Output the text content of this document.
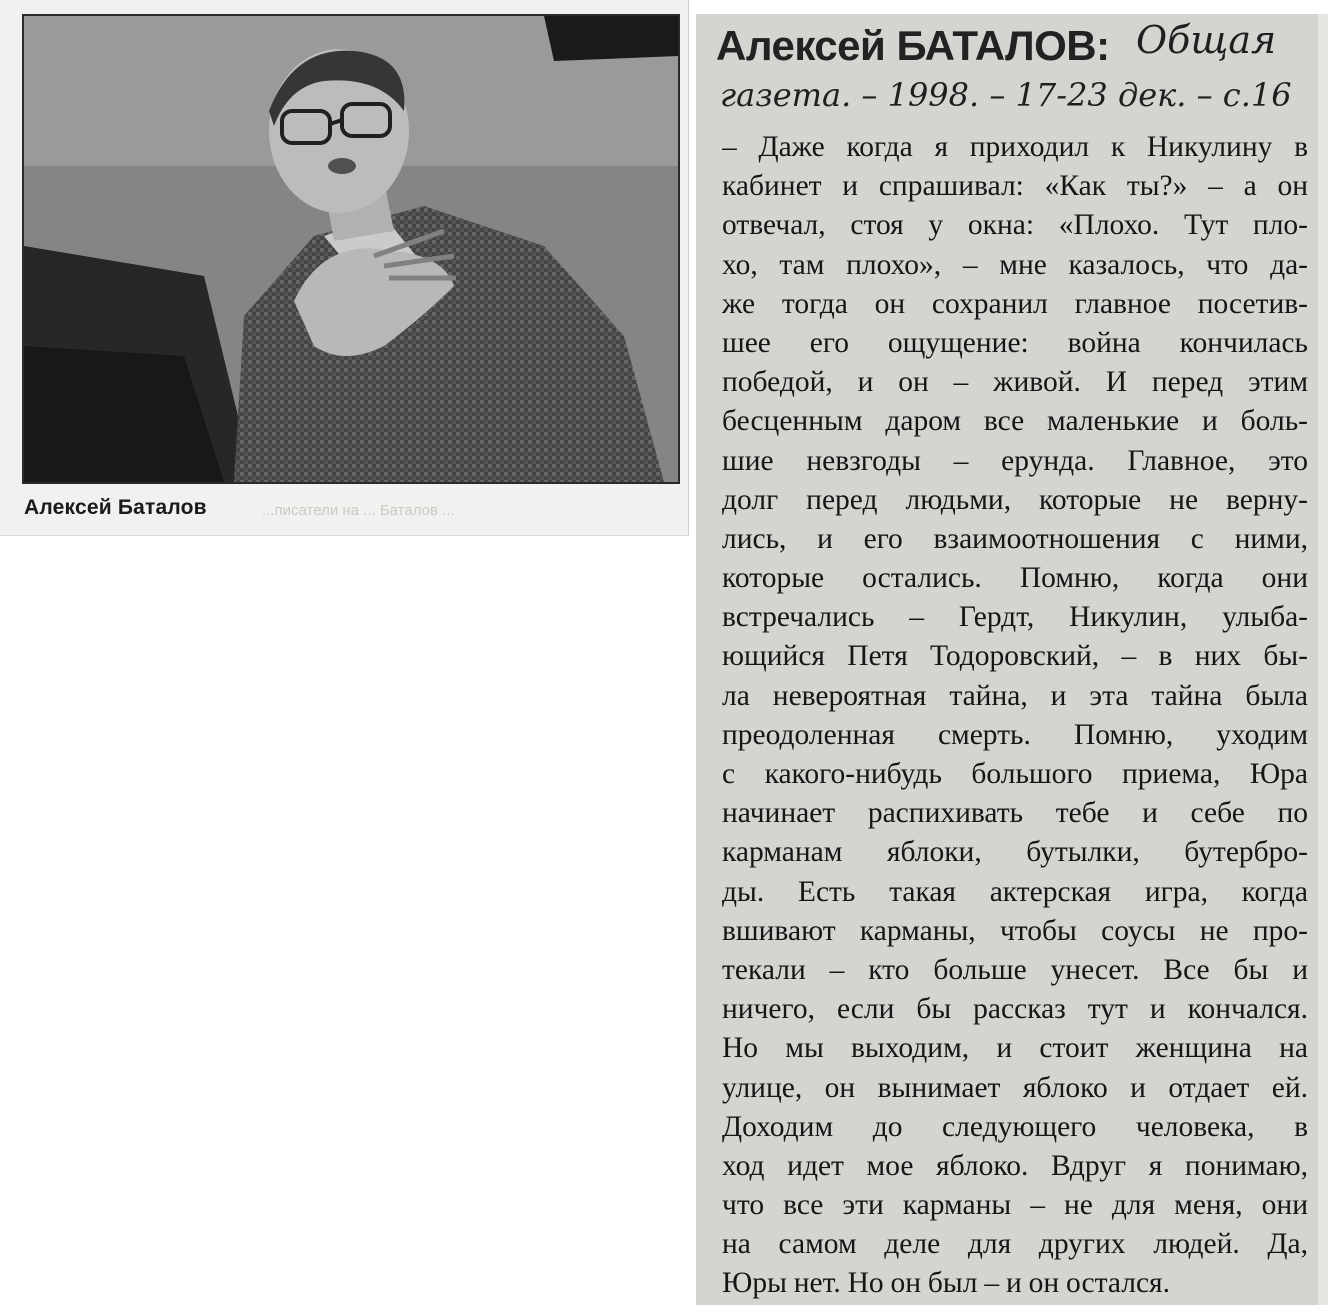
Алексей Баталов	...писатели на ... Баталов ...
Алексей БАТАЛОВ: Общая
газета. – 1998. – 17-23 дек. – с.16
– Даже когда я приходил к Никулину в
кабинет и спрашивал: «Как ты?» – а он
отвечал, стоя у окна: «Плохо. Тут пло-
хо, там плохо», – мне казалось, что да-
же тогда он сохранил главное посетив-
шее его ощущение: война кончилась
победой, и он – живой. И перед этим
бесценным даром все маленькие и боль-
шие невзгоды – ерунда. Главное, это
долг перед людьми, которые не верну-
лись, и его взаимоотношения с ними,
которые остались. Помню, когда они
встречались – Гердт, Никулин, улыба-
ющийся Петя Тодоровский, – в них бы-
ла невероятная тайна, и эта тайна была
преодоленная смерть. Помню, уходим
с какого-нибудь большого приема, Юра
начинает распихивать тебе и себе по
карманам яблоки, бутылки, бутербро-
ды. Есть такая актерская игра, когда
вшивают карманы, чтобы соусы не про-
текали – кто больше унесет. Все бы и
ничего, если бы рассказ тут и кончался.
Но мы выходим, и стоит женщина на
улице, он вынимает яблоко и отдает ей.
Доходим до следующего человека, в
ход идет мое яблоко. Вдруг я понимаю,
что все эти карманы – не для меня, они
на самом деле для других людей. Да,
Юры нет. Но он был – и он остался.
